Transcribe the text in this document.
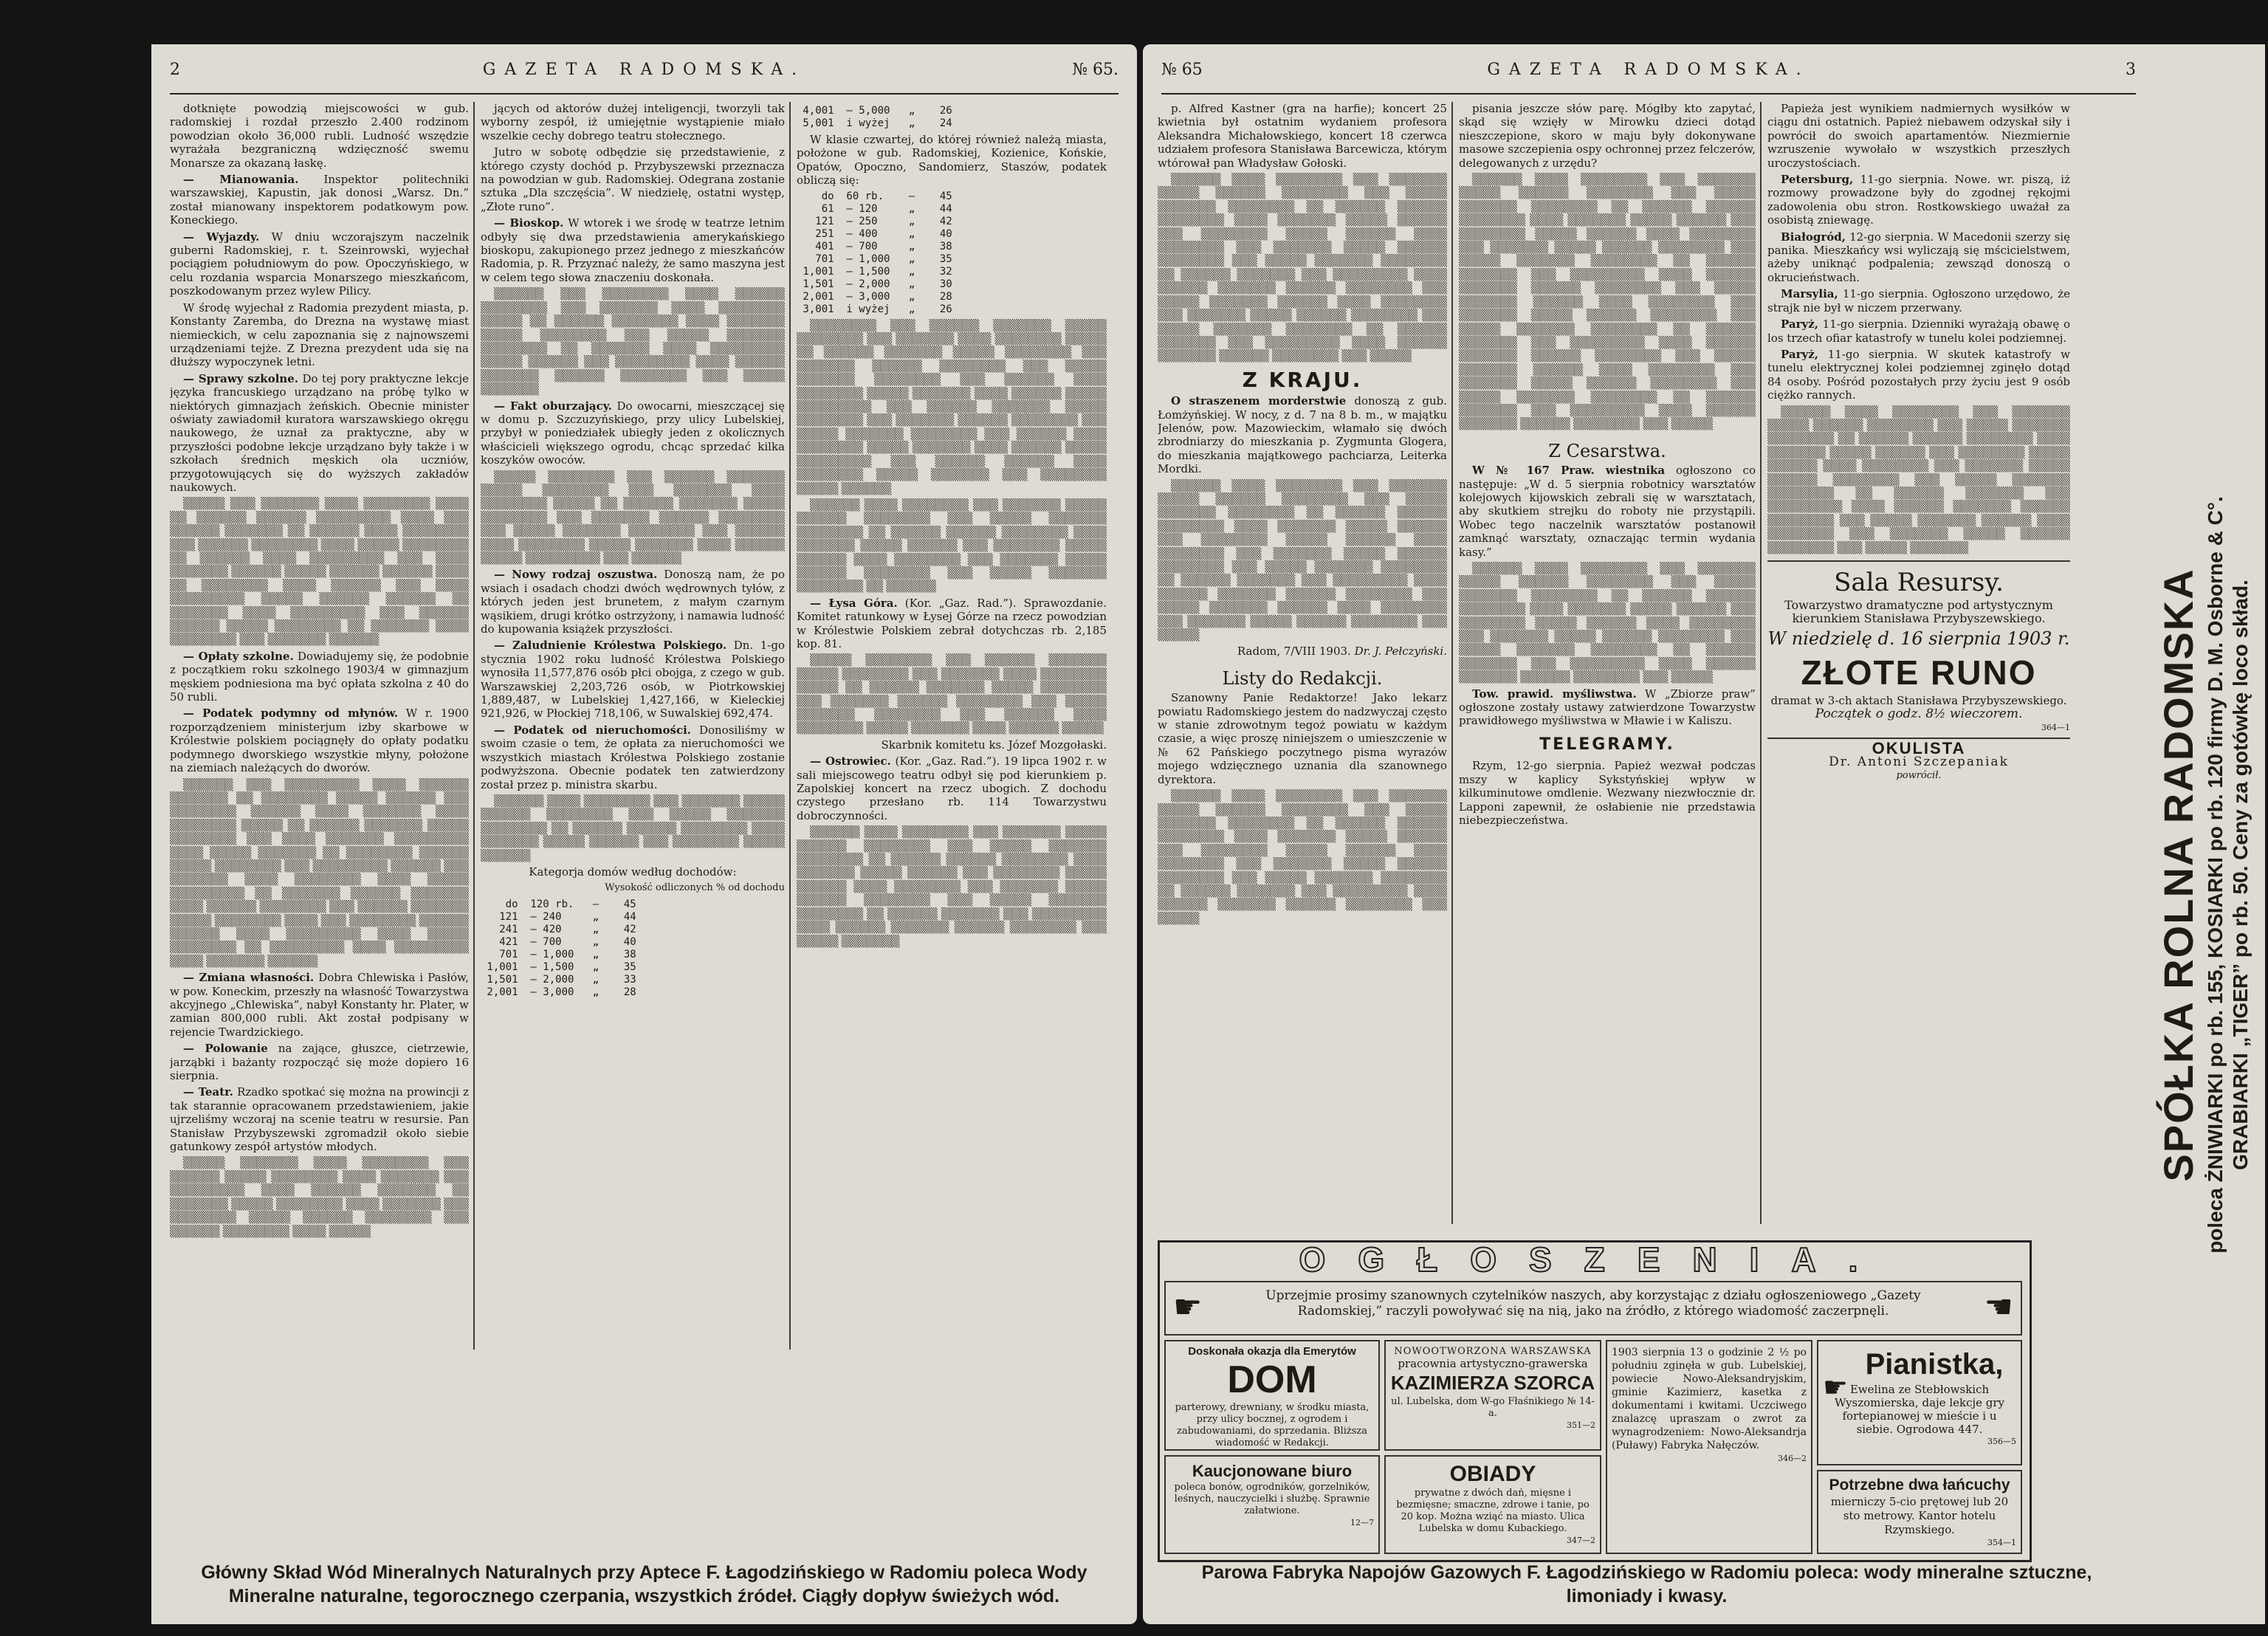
2	GAZETA RADOMSKA.	№ 65.

dotknięte powodzią miejscowości w gub. radomskiej i rozdał przeszło 2.400 rodzinom powodzian około 36,000 rubli. Ludność wszędzie wyrażała bezgraniczną wdzięczność swemu Monarsze za okazaną łaskę.

— Mianowania. Inspektor politechniki warszawskiej, Kapustin, jak donosi „Warsz. Dn.” został mianowany inspektorem podatkowym pow. Koneckiego.

— Wyjazdy. W dniu wczorajszym naczelnik guberni Radomskiej, r. t. Szeinrowski, wyjechał pociągiem południowym do pow. Opoczyńskiego, w celu rozdania wsparcia Monarszego mieszkańcom, poszkodowanym przez wylew Pilicy.

W środę wyjechał z Radomia prezydent miasta, p. Konstanty Zaremba, do Drezna na wystawę miast niemieckich, w celu zapoznania się z najnowszemi urządzeniami tejże. Z Drezna prezydent uda się na dłuższy wypoczynek letni.

— Sprawy szkolne. Do tej pory praktyczne lekcje języka francuskiego urządzano na próbę tylko w niektórych gimnazjach żeńskich. Obecnie minister oświaty zawiadomił kuratora warszawskiego okręgu naukowego, że uznał za praktyczne, aby w przyszłości podobne lekcje urządzano były także i w szkołach średnich męskich ola uczniów, przygotowujących się do wyższych zakładów naukowych.

▒▒▒▒▒ ▒▒▒ ▒▒▒▒▒▒▒ ▒▒▒▒ ▒▒▒▒▒▒▒▒ ▒▒▒▒ ▒▒ ▒▒▒▒▒▒ ▒▒▒▒▒▒ ▒▒▒▒▒▒▒▒▒ ▒▒▒▒ ▒▒▒ ▒▒▒▒▒▒ ▒▒▒▒▒▒▒ ▒▒ ▒▒▒▒▒▒ ▒▒▒▒ ▒▒▒▒▒▒▒▒ ▒▒▒ ▒▒▒▒▒▒ ▒▒▒▒▒▒▒▒ ▒▒▒▒ ▒▒▒▒▒ ▒▒▒▒▒▒▒▒ ▒▒ ▒▒▒▒▒▒ ▒▒▒▒ ▒▒▒▒▒▒▒▒▒ ▒▒▒ ▒▒▒▒ ▒▒▒▒▒▒▒ ▒▒▒▒▒▒ ▒▒▒▒▒ ▒▒▒▒▒▒ ▒▒▒▒▒▒ ▒▒▒▒ ▒▒ ▒▒▒▒▒▒▒▒ ▒▒▒▒ ▒▒▒▒▒▒ ▒▒▒ ▒▒▒▒ ▒▒▒▒▒▒▒▒▒ ▒▒▒▒▒ ▒▒▒▒▒▒ ▒▒▒▒▒▒ ▒▒ ▒▒▒▒▒▒▒ ▒▒▒▒ ▒▒▒▒▒▒▒▒▒ ▒▒▒ ▒▒▒▒▒▒ ▒▒▒▒▒▒ ▒▒▒▒▒ ▒▒▒▒▒▒▒▒ ▒▒ ▒▒▒▒▒▒▒ ▒▒▒▒ ▒▒▒▒▒▒▒▒ ▒▒▒ ▒▒▒▒▒▒▒ ▒▒▒▒▒▒

— Opłaty szkolne. Dowiadujemy się, że podobnie z początkiem roku szkolnego 1903/4 w gimnazjum męskiem podniesiona ma być opłata szkolna z 40 do 50 rubli.

— Podatek podymny od młynów. W r. 1900 rozporządzeniem ministerjum izby skarbowe w Królestwie polskiem pociągnęły do opłaty podatku podymnego dworskiego wszystkie młyny, położone na ziemiach należących do dworów.

▒▒▒▒▒▒ ▒▒▒ ▒▒▒▒▒▒▒▒▒ ▒▒▒▒ ▒▒▒▒▒▒ ▒▒▒▒▒▒▒ ▒▒ ▒▒▒▒▒▒▒▒ ▒▒▒▒▒ ▒▒▒▒▒▒ ▒▒▒ ▒▒▒▒▒▒▒▒ ▒▒▒▒▒▒ ▒▒▒▒ ▒▒▒▒▒▒▒ ▒▒▒▒ ▒▒▒▒▒▒▒▒ ▒▒▒▒▒ ▒▒ ▒▒▒▒▒▒ ▒▒▒▒▒▒▒ ▒▒▒▒▒ ▒▒▒▒▒▒▒▒ ▒▒▒ ▒▒▒▒ ▒▒▒▒▒▒▒ ▒▒▒▒▒▒▒▒▒ ▒▒▒▒ ▒▒▒▒▒ ▒▒▒▒▒▒▒ ▒▒ ▒▒▒▒▒▒▒▒ ▒▒▒▒▒▒ ▒▒▒▒▒ ▒▒▒▒▒▒▒▒ ▒▒▒ ▒▒▒▒▒▒▒▒▒ ▒▒▒▒▒▒ ▒▒▒ ▒▒▒▒▒▒▒ ▒▒▒▒ ▒▒▒▒▒▒▒▒ ▒▒▒▒ ▒▒▒▒▒ ▒▒▒▒▒▒▒▒▒ ▒▒ ▒▒▒▒▒▒▒ ▒▒▒▒▒▒ ▒▒▒▒▒▒▒ ▒▒▒▒ ▒▒▒▒▒▒ ▒▒▒▒▒▒▒▒ ▒▒▒ ▒▒▒▒▒▒ ▒▒▒▒▒▒▒ ▒▒▒▒▒ ▒▒▒▒▒▒▒▒ ▒▒▒▒ ▒▒▒ ▒▒▒▒▒▒▒▒ ▒▒▒▒▒▒ ▒▒▒▒▒▒ ▒▒▒▒ ▒▒▒▒▒▒▒▒▒ ▒▒▒▒ ▒▒▒▒▒ ▒▒▒▒▒▒▒▒ ▒▒ ▒▒▒▒▒▒▒▒▒ ▒▒▒▒ ▒▒▒▒▒▒▒▒▒ ▒▒▒▒ ▒▒▒▒▒▒▒ ▒▒▒▒▒▒

— Zmiana własności. Dobra Chlewiska i Pasłów, w pow. Koneckim, przeszły na własność Towarzystwa akcyjnego „Chlewiska”, nabył Konstanty hr. Plater, w zamian 800,000 rubli. Akt został podpisany w rejencie Twardzickiego.

— Polowanie na zające, głuszce, cietrzewie, jarząbki i bażanty rozpocząć się może dopiero 16 sierpnia.

— Teatr. Rzadko spotkać się można na prowincji z tak starannie opracowanem przedstawieniem, jakie ujrzeliśmy wczoraj na scenie teatru w resursie. Pan Stanisław Przybyszewski zgromadził około siebie gatunkowy zespół artystów młodych.

▒▒▒▒▒ ▒▒▒▒▒▒▒ ▒▒▒▒ ▒▒▒▒▒▒▒▒ ▒▒▒ ▒▒▒▒▒▒ ▒▒▒▒▒ ▒▒▒▒▒▒▒▒ ▒▒▒▒ ▒▒▒▒▒▒▒ ▒▒▒ ▒▒▒▒▒▒▒▒▒ ▒▒▒▒ ▒▒▒▒▒▒ ▒▒▒▒▒▒▒ ▒▒ ▒▒▒▒▒▒▒ ▒▒▒▒▒ ▒▒▒▒▒▒▒▒ ▒▒▒▒ ▒▒▒▒▒▒▒ ▒▒▒ ▒▒▒▒▒▒▒▒ ▒▒▒▒▒ ▒▒▒▒▒▒ ▒▒▒▒▒▒▒▒ ▒▒▒ ▒▒▒▒▒▒ ▒▒▒▒▒▒▒▒ ▒▒▒▒ ▒▒▒▒▒

jących od aktorów dużej inteligencji, tworzyli tak wyborny zespół, iż umiejętnie wystąpienie miało wszelkie cechy dobrego teatru stołecznego.

Jutro w sobotę odbędzie się przedstawienie, z którego czysty dochód p. Przybyszewski przeznacza na powodzian w gub. Radomskiej. Odegrana zostanie sztuka „Dla szczęścia”. W niedzielę, ostatni występ, „Złote runo”.

— Bioskop. W wtorek i we środę w teatrze letnim odbyły się dwa przedstawienia amerykańskiego bioskopu, zakupionego przez jednego z mieszkańców Radomia, p. R. Przyznać należy, że samo maszyna jest w celem tego słowa znaczeniu doskonała.

▒▒▒▒▒▒ ▒▒▒ ▒▒▒▒▒▒▒▒ ▒▒▒▒ ▒▒▒▒▒▒ ▒▒▒▒▒▒▒▒ ▒▒▒ ▒▒▒▒▒▒▒ ▒▒▒▒ ▒▒▒▒▒▒▒▒ ▒▒▒▒▒ ▒▒ ▒▒▒▒▒▒ ▒▒▒▒▒▒▒▒ ▒▒▒▒ ▒▒▒▒▒▒▒ ▒▒▒▒▒ ▒▒▒▒▒▒▒▒ ▒▒▒ ▒▒▒▒▒ ▒▒▒▒▒▒▒ ▒▒▒▒▒▒▒▒ ▒▒ ▒▒▒▒▒▒▒ ▒▒▒▒ ▒▒▒▒▒▒▒▒▒ ▒▒▒▒▒ ▒▒▒▒▒▒ ▒▒▒ ▒▒▒▒▒▒▒▒▒ ▒▒▒▒ ▒▒▒▒▒▒ ▒▒▒▒▒▒▒ ▒▒▒▒▒▒ ▒▒▒▒▒▒▒▒ ▒▒▒ ▒▒▒▒▒ ▒▒▒▒▒▒▒

— Fakt oburzający. Do owocarni, mieszczącej się w domu p. Szczuzyńskiego, przy ulicy Lubelskiej, przybył w poniedziałek ubiegły jeden z okolicznych właścicieli większego ogrodu, chcąc sprzedać kilka koszyków owoców.

▒▒▒▒▒ ▒▒▒▒▒▒▒▒ ▒▒▒ ▒▒▒▒▒▒ ▒▒▒▒▒▒▒ ▒▒▒▒▒ ▒▒▒▒▒▒▒▒ ▒▒▒ ▒▒▒▒▒▒▒ ▒▒▒▒ ▒▒▒▒▒▒▒▒ ▒▒▒▒▒ ▒▒ ▒▒▒▒▒▒ ▒▒▒▒▒▒▒ ▒▒▒▒▒ ▒▒▒▒▒▒▒▒ ▒▒▒ ▒▒▒▒▒▒▒ ▒▒▒▒▒▒ ▒▒▒▒▒▒▒▒ ▒▒▒ ▒▒▒▒▒ ▒▒▒▒▒▒▒ ▒▒▒▒▒▒▒▒ ▒▒▒ ▒▒▒▒▒▒ ▒▒▒▒ ▒▒▒▒▒▒▒▒ ▒▒▒▒▒ ▒▒▒▒▒▒▒ ▒▒▒▒ ▒▒▒▒▒▒ ▒▒▒▒▒ ▒▒▒▒▒▒▒▒▒ ▒▒▒ ▒▒▒▒▒▒

— Nowy rodzaj oszustwa. Donoszą nam, że po wsiach i osadach chodzi dwóch wędrownych tyłów, z których jeden jest brunetem, z małym czarnym wąsikiem, drugi krótko ostrzyżony, i namawia ludność do kupowania książek przyszłości.

— Zaludnienie Królestwa Polskiego. Dn. 1-go stycznia 1902 roku ludność Królestwa Polskiego wynosiła 11,577,876 osób płci obojga, z czego w gub. Warszawskiej 2,203,726 osób, w Piotrkowskiej 1,889,487, w Lubelskiej 1,427,166, w Kieleckiej 921,926, w Płockiej 718,106, w Suwalskiej 692,474.

— Podatek od nieruchomości. Donosiliśmy w swoim czasie o tem, że opłata za nieruchomości we wszystkich miastach Królestwa Polskiego zostanie podwyższona. Obecnie podatek ten zatwierdzony został przez p. ministra skarbu.

▒▒▒▒▒▒ ▒▒▒▒ ▒▒▒▒▒▒▒▒ ▒▒▒ ▒▒▒▒▒▒▒ ▒▒▒▒▒ ▒▒▒▒▒▒ ▒▒▒▒▒▒▒▒ ▒▒▒ ▒▒▒▒▒ ▒▒▒▒▒▒▒ ▒▒▒▒▒▒▒▒ ▒▒ ▒▒▒▒▒▒ ▒▒▒▒▒▒ ▒▒▒▒▒▒▒▒ ▒▒▒▒ ▒▒▒▒▒▒▒ ▒▒▒▒▒ ▒▒▒▒▒▒ ▒▒▒ ▒▒▒▒▒▒▒▒ ▒▒▒▒▒ ▒▒▒▒▒▒

Kategorja domów według dochodów:

Wysokość odliczonych % od dochodu

do  120 rb.   —    45
121  — 240     „    44
241  — 420     „    42
421  — 700     „    40
701  — 1,000   „    38
1,001  — 1,500   „    35
1,501  — 2,000   „    33
2,001  — 3,000   „    28
4,001  — 5,000   „    26
5,001  i wyżej   „    24

W klasie czwartej, do której również należą miasta, położone w gub. Radomskiej, Kozienice, Końskie, Opatów, Opoczno, Sandomierz, Staszów, podatek obliczą się:

do  60 rb.    —    45
61  — 120     „    44
121  — 250     „    42
251  — 400     „    40
401  — 700     „    38
701  — 1,000   „    35
1,001  — 1,500   „    32
1,501  — 2,000   „    30
2,001  — 3,000   „    28
3,001  i wyżej   „    26

▒▒▒▒▒▒▒▒ ▒▒▒ ▒▒▒▒▒▒ ▒▒▒▒▒▒▒ ▒▒▒▒▒ ▒▒▒▒▒▒▒▒ ▒▒▒ ▒▒▒▒▒▒▒ ▒▒▒▒ ▒▒▒▒▒▒▒▒ ▒▒▒▒▒ ▒▒ ▒▒▒▒▒▒ ▒▒▒▒▒▒▒ ▒▒▒▒▒ ▒▒▒▒▒▒▒▒ ▒▒▒ ▒▒▒▒▒▒▒ ▒▒▒▒▒▒ ▒▒▒▒▒▒▒▒ ▒▒▒ ▒▒▒▒▒ ▒▒▒▒▒▒▒ ▒▒▒▒▒▒▒▒ ▒▒▒ ▒▒▒▒▒▒ ▒▒▒▒ ▒▒▒▒▒▒▒▒ ▒▒▒▒▒ ▒▒▒▒▒▒▒ ▒▒▒▒ ▒▒▒▒▒▒ ▒▒▒▒▒ ▒▒▒▒▒▒▒▒▒ ▒▒▒ ▒▒▒▒▒▒ ▒▒▒▒▒▒▒ ▒▒▒▒▒ ▒▒▒▒▒▒▒▒ ▒▒▒ ▒▒▒▒▒▒▒ ▒▒▒▒▒▒ ▒▒▒▒▒▒▒▒ ▒▒▒ ▒▒▒▒▒ ▒▒▒▒▒▒▒ ▒▒▒▒▒▒▒▒ ▒▒▒ ▒▒▒▒▒▒ ▒▒▒▒ ▒▒▒▒▒▒▒▒ ▒▒▒▒▒ ▒▒▒▒▒▒▒ ▒▒▒▒ ▒▒▒▒▒▒ ▒▒▒▒▒ ▒▒▒▒▒▒▒▒▒ ▒▒▒ ▒▒▒▒▒▒ ▒▒▒▒▒▒ ▒▒▒▒ ▒▒▒▒▒▒▒▒ ▒▒▒▒▒ ▒▒▒▒▒▒▒ ▒▒▒ ▒▒▒▒▒▒▒▒ ▒▒▒▒▒ ▒▒▒▒▒▒

▒▒▒▒▒▒ ▒▒▒▒ ▒▒▒▒▒▒▒▒ ▒▒▒ ▒▒▒▒▒▒▒ ▒▒▒▒▒ ▒▒▒▒▒▒ ▒▒▒▒▒▒▒▒ ▒▒▒ ▒▒▒▒▒ ▒▒▒▒▒▒▒ ▒▒▒▒▒▒▒▒ ▒▒ ▒▒▒▒▒▒ ▒▒▒▒▒▒ ▒▒▒▒▒▒▒▒ ▒▒▒▒ ▒▒▒▒▒▒▒ ▒▒▒▒▒ ▒▒▒▒▒▒ ▒▒▒ ▒▒▒▒▒▒▒▒ ▒▒▒▒▒ ▒▒▒▒▒▒ ▒▒▒▒ ▒▒▒▒▒▒▒▒ ▒▒▒ ▒▒▒▒▒▒▒ ▒▒▒▒▒ ▒▒▒▒▒▒ ▒▒▒▒▒▒▒▒ ▒▒▒ ▒▒▒▒▒ ▒▒▒▒▒▒▒ ▒▒▒▒▒▒▒▒ ▒▒ ▒▒▒▒▒▒

— Łysa Góra. (Kor. „Gaz. Rad.”). Sprawozdanie. Komitet ratunkowy w Łysej Górze na rzecz powodzian w Królestwie Polskiem zebrał dotychczas rb. 2,185 kop. 81.

▒▒▒▒▒ ▒▒▒▒▒▒▒▒ ▒▒▒ ▒▒▒▒▒▒ ▒▒▒▒▒▒▒ ▒▒▒▒▒ ▒▒▒▒▒▒▒▒ ▒▒▒ ▒▒▒▒▒▒▒ ▒▒▒▒ ▒▒▒▒▒▒▒▒ ▒▒▒▒▒ ▒▒ ▒▒▒▒▒▒ ▒▒▒▒▒▒▒ ▒▒▒▒▒ ▒▒▒▒▒▒▒▒ ▒▒▒ ▒▒▒▒▒▒▒ ▒▒▒▒▒▒ ▒▒▒▒▒▒▒▒ ▒▒▒ ▒▒▒▒▒ ▒▒▒▒▒▒▒ ▒▒▒▒▒▒▒▒ ▒▒▒ ▒▒▒▒▒▒ ▒▒▒▒ ▒▒▒▒▒▒▒▒ ▒▒▒▒▒ ▒▒▒▒▒▒▒ ▒▒▒▒ ▒▒▒▒▒▒ ▒▒▒▒▒

Skarbnik komitetu ks. Józef Mozgołaski.

— Ostrowiec. (Kor. „Gaz. Rad.”). 19 lipca 1902 r. w sali miejscowego teatru odbył się pod kierunkiem p. Zapolskiej koncert na rzecz ubogich. Z dochodu czystego przesłano rb. 114 Towarzystwu dobroczynności.

▒▒▒▒▒▒ ▒▒▒▒ ▒▒▒▒▒▒▒▒ ▒▒▒ ▒▒▒▒▒▒▒ ▒▒▒▒▒ ▒▒▒▒▒▒ ▒▒▒▒▒▒▒▒ ▒▒▒ ▒▒▒▒▒ ▒▒▒▒▒▒▒ ▒▒▒▒▒▒▒▒ ▒▒ ▒▒▒▒▒▒ ▒▒▒▒▒▒ ▒▒▒▒▒▒▒▒ ▒▒▒▒ ▒▒▒▒▒▒▒ ▒▒▒▒▒ ▒▒▒▒▒▒ ▒▒▒ ▒▒▒▒▒▒▒▒ ▒▒▒▒▒ ▒▒▒▒▒▒ ▒▒▒▒ ▒▒▒▒▒▒▒▒ ▒▒▒ ▒▒▒▒▒▒▒ ▒▒▒▒▒ ▒▒▒▒▒▒ ▒▒▒▒▒▒▒▒ ▒▒▒ ▒▒▒▒▒ ▒▒▒▒▒▒▒ ▒▒▒▒▒▒▒▒ ▒▒ ▒▒▒▒▒▒ ▒▒▒▒▒▒▒ ▒▒▒ ▒▒▒▒▒▒▒▒▒ ▒▒▒▒ ▒▒▒▒▒▒ ▒▒▒▒▒▒▒ ▒▒▒▒▒▒ ▒▒▒▒▒▒▒▒ ▒▒▒ ▒▒▒▒▒ ▒▒▒▒▒▒▒

Główny Skład Wód Mineralnych Naturalnych przy Aptece F. Łagodzińskiego w Radomiu poleca Wody Mineralne naturalne, tegorocznego czerpania, wszystkich źródeł. Ciągły dopływ świeżych wód.
№ 65	GAZETA RADOMSKA.	3

p. Alfred Kastner (gra na harfie); koncert 25 kwietnia był ostatnim wydaniem profesora Aleksandra Michałowskiego, koncert 18 czerwca udziałem profesora Stanisława Barcewicza, którym wtórował pan Władysław Gołoski.

▒▒▒▒▒▒ ▒▒▒▒ ▒▒▒▒▒▒▒▒ ▒▒▒ ▒▒▒▒▒▒▒ ▒▒▒▒▒ ▒▒▒▒▒▒ ▒▒▒▒▒▒▒▒ ▒▒▒ ▒▒▒▒▒ ▒▒▒▒▒▒▒ ▒▒▒▒▒▒▒▒ ▒▒ ▒▒▒▒▒▒ ▒▒▒▒▒▒ ▒▒▒▒▒▒▒▒ ▒▒▒▒ ▒▒▒▒▒▒▒ ▒▒▒▒▒ ▒▒▒▒▒▒ ▒▒▒ ▒▒▒▒▒▒▒▒ ▒▒▒▒▒ ▒▒▒▒▒▒ ▒▒▒▒ ▒▒▒▒▒▒▒▒ ▒▒▒ ▒▒▒▒▒▒▒ ▒▒▒▒▒ ▒▒▒▒▒▒ ▒▒▒▒▒▒▒▒ ▒▒▒ ▒▒▒▒▒ ▒▒▒▒▒▒▒ ▒▒▒▒▒▒▒▒ ▒▒ ▒▒▒▒▒▒ ▒▒▒▒▒▒▒ ▒▒▒ ▒▒▒▒▒▒▒▒▒ ▒▒▒▒ ▒▒▒▒▒▒ ▒▒▒▒▒▒▒ ▒▒▒▒▒▒ ▒▒▒▒▒▒▒▒ ▒▒▒ ▒▒▒▒▒ ▒▒▒▒▒▒▒ ▒▒▒▒▒▒ ▒▒▒▒ ▒▒▒▒▒▒▒▒ ▒▒▒ ▒▒▒▒▒▒▒ ▒▒▒▒▒ ▒▒▒▒▒▒ ▒▒▒▒▒▒▒▒ ▒▒▒ ▒▒▒▒▒ ▒▒▒▒▒▒▒ ▒▒▒▒▒▒▒▒ ▒▒ ▒▒▒▒▒▒ ▒▒▒▒▒▒▒ ▒▒▒ ▒▒▒▒▒▒▒▒▒ ▒▒▒▒ ▒▒▒▒▒▒ ▒▒▒▒▒▒▒ ▒▒▒▒▒▒ ▒▒▒▒▒▒▒▒ ▒▒▒ ▒▒▒▒▒

Z KRAJU.

O straszenem morderstwie donoszą z gub. Łomżyńskiej. W nocy, z d. 7 na 8 b. m., w majątku Jelenów, pow. Mazowieckim, włamało się dwóch zbrodniarzy do mieszkania p. Zygmunta Glogera, do mieszkania majątkowego pachciarza, Leiterka Mordki.

▒▒▒▒▒▒ ▒▒▒▒ ▒▒▒▒▒▒▒▒ ▒▒▒ ▒▒▒▒▒▒▒ ▒▒▒▒▒ ▒▒▒▒▒▒ ▒▒▒▒▒▒▒▒ ▒▒▒ ▒▒▒▒▒ ▒▒▒▒▒▒▒ ▒▒▒▒▒▒▒▒ ▒▒ ▒▒▒▒▒▒ ▒▒▒▒▒▒ ▒▒▒▒▒▒▒▒ ▒▒▒▒ ▒▒▒▒▒▒▒ ▒▒▒▒▒ ▒▒▒▒▒▒ ▒▒▒ ▒▒▒▒▒▒▒▒ ▒▒▒▒▒ ▒▒▒▒▒▒ ▒▒▒▒ ▒▒▒▒▒▒▒▒ ▒▒▒ ▒▒▒▒▒▒▒ ▒▒▒▒▒ ▒▒▒▒▒▒ ▒▒▒▒▒▒▒▒ ▒▒▒ ▒▒▒▒▒ ▒▒▒▒▒▒▒ ▒▒▒▒▒▒▒▒ ▒▒ ▒▒▒▒▒▒ ▒▒▒▒▒▒▒ ▒▒▒ ▒▒▒▒▒▒▒▒▒ ▒▒▒▒ ▒▒▒▒▒▒ ▒▒▒▒▒▒▒ ▒▒▒▒▒▒ ▒▒▒▒▒▒▒▒ ▒▒▒ ▒▒▒▒▒ ▒▒▒▒▒▒▒ ▒▒▒▒▒▒ ▒▒▒▒ ▒▒▒▒▒▒▒▒ ▒▒▒ ▒▒▒▒▒▒▒ ▒▒▒▒▒ ▒▒▒▒▒▒ ▒▒▒▒▒▒▒▒ ▒▒▒ ▒▒▒▒▒

Radom, 7/VIII 1903. Dr. J. Pełczyński.

Listy do Redakcji.

Szanowny Panie Redaktorze! Jako lekarz powiatu Radomskiego jestem do nadzwyczaj często w stanie zdrowotnym tegoż powiatu w każdym czasie, a więc proszę niniejszem o umieszczenie w № 62 Pańskiego poczytnego pisma wyrazów mojego wdzięcznego uznania dla szanownego dyrektora.

▒▒▒▒▒▒ ▒▒▒▒ ▒▒▒▒▒▒▒▒ ▒▒▒ ▒▒▒▒▒▒▒ ▒▒▒▒▒ ▒▒▒▒▒▒ ▒▒▒▒▒▒▒▒ ▒▒▒ ▒▒▒▒▒ ▒▒▒▒▒▒▒ ▒▒▒▒▒▒▒▒ ▒▒ ▒▒▒▒▒▒ ▒▒▒▒▒▒ ▒▒▒▒▒▒▒▒ ▒▒▒▒ ▒▒▒▒▒▒▒ ▒▒▒▒▒ ▒▒▒▒▒▒ ▒▒▒ ▒▒▒▒▒▒▒▒ ▒▒▒▒▒ ▒▒▒▒▒▒ ▒▒▒▒ ▒▒▒▒▒▒▒▒ ▒▒▒ ▒▒▒▒▒▒▒ ▒▒▒▒▒ ▒▒▒▒▒▒ ▒▒▒▒▒▒▒▒ ▒▒▒ ▒▒▒▒▒ ▒▒▒▒▒▒▒ ▒▒▒▒▒▒▒▒ ▒▒ ▒▒▒▒▒▒ ▒▒▒▒▒▒▒ ▒▒▒ ▒▒▒▒▒▒▒▒▒ ▒▒▒▒ ▒▒▒▒▒▒ ▒▒▒▒▒▒▒ ▒▒▒▒▒▒ ▒▒▒▒▒▒▒▒ ▒▒▒ ▒▒▒▒▒

pisania jeszcze słów parę. Mógłby kto zapytać, skąd się wzięły w Mirowku dzieci dotąd nieszczepione, skoro w maju były dokonywane masowe szczepienia ospy ochronnej przez felczerów, delegowanych z urzędu?

▒▒▒▒▒▒ ▒▒▒▒ ▒▒▒▒▒▒▒▒ ▒▒▒ ▒▒▒▒▒▒▒ ▒▒▒▒▒ ▒▒▒▒▒▒ ▒▒▒▒▒▒▒▒ ▒▒▒ ▒▒▒▒▒ ▒▒▒▒▒▒▒ ▒▒▒▒▒▒▒▒ ▒▒ ▒▒▒▒▒▒ ▒▒▒▒▒▒ ▒▒▒▒▒▒▒▒ ▒▒▒▒ ▒▒▒▒▒▒▒ ▒▒▒▒▒ ▒▒▒▒▒▒ ▒▒▒ ▒▒▒▒▒▒▒▒ ▒▒▒▒▒ ▒▒▒▒▒▒ ▒▒▒▒ ▒▒▒▒▒▒▒▒ ▒▒▒ ▒▒▒▒▒▒▒ ▒▒▒▒▒ ▒▒▒▒▒▒ ▒▒▒▒▒▒▒▒ ▒▒▒ ▒▒▒▒▒ ▒▒▒▒▒▒▒ ▒▒▒▒▒▒▒▒ ▒▒ ▒▒▒▒▒▒ ▒▒▒▒▒▒▒ ▒▒▒ ▒▒▒▒▒▒▒▒▒ ▒▒▒▒ ▒▒▒▒▒▒ ▒▒▒▒▒▒▒ ▒▒▒▒▒▒ ▒▒▒▒▒▒▒▒ ▒▒▒ ▒▒▒▒▒ ▒▒▒▒▒▒▒ ▒▒▒▒▒▒ ▒▒▒▒ ▒▒▒▒▒▒▒▒ ▒▒▒ ▒▒▒▒▒▒▒ ▒▒▒▒▒ ▒▒▒▒▒▒ ▒▒▒▒▒▒▒▒ ▒▒▒ ▒▒▒▒▒ ▒▒▒▒▒▒▒ ▒▒▒▒▒▒▒▒ ▒▒ ▒▒▒▒▒▒ ▒▒▒▒▒▒▒ ▒▒▒ ▒▒▒▒▒▒▒▒▒ ▒▒▒▒ ▒▒▒▒▒▒ ▒▒▒▒▒▒▒ ▒▒▒▒▒▒ ▒▒▒▒▒▒▒▒ ▒▒▒ ▒▒▒▒▒ ▒▒▒▒▒▒▒ ▒▒▒▒▒▒ ▒▒▒▒ ▒▒▒▒▒▒▒▒ ▒▒▒ ▒▒▒▒▒▒▒ ▒▒▒▒▒ ▒▒▒▒▒▒ ▒▒▒▒▒▒▒▒ ▒▒▒ ▒▒▒▒▒ ▒▒▒▒▒▒▒ ▒▒▒▒▒▒▒▒ ▒▒ ▒▒▒▒▒▒ ▒▒▒▒▒▒▒ ▒▒▒ ▒▒▒▒▒▒▒▒▒ ▒▒▒▒ ▒▒▒▒▒▒ ▒▒▒▒▒▒▒ ▒▒▒▒▒▒ ▒▒▒▒▒▒▒▒ ▒▒▒ ▒▒▒▒▒

Z Cesarstwa.

W № 167 Praw. wiestnika ogłoszono co następuje: „W d. 5 sierpnia robotnicy warsztatów kolejowych kijowskich zebrali się w warsztatach, aby skutkiem strejku do roboty nie przystąpili. Wobec tego naczelnik warsztatów postanowił zamknąć warsztaty, oznaczając termin wydania kasy.”

▒▒▒▒▒▒ ▒▒▒▒ ▒▒▒▒▒▒▒▒ ▒▒▒ ▒▒▒▒▒▒▒ ▒▒▒▒▒ ▒▒▒▒▒▒ ▒▒▒▒▒▒▒▒ ▒▒▒ ▒▒▒▒▒ ▒▒▒▒▒▒▒ ▒▒▒▒▒▒▒▒ ▒▒ ▒▒▒▒▒▒ ▒▒▒▒▒▒ ▒▒▒▒▒▒▒▒ ▒▒▒▒ ▒▒▒▒▒▒▒ ▒▒▒▒▒ ▒▒▒▒▒▒ ▒▒▒ ▒▒▒▒▒▒▒▒ ▒▒▒▒▒ ▒▒▒▒▒▒ ▒▒▒▒ ▒▒▒▒▒▒▒▒ ▒▒▒ ▒▒▒▒▒▒▒ ▒▒▒▒▒ ▒▒▒▒▒▒ ▒▒▒▒▒▒▒▒ ▒▒▒ ▒▒▒▒▒ ▒▒▒▒▒▒▒ ▒▒▒▒▒▒▒▒ ▒▒ ▒▒▒▒▒▒ ▒▒▒▒▒▒▒ ▒▒▒ ▒▒▒▒▒▒▒▒▒ ▒▒▒▒ ▒▒▒▒▒▒ ▒▒▒▒▒▒▒ ▒▒▒▒▒▒ ▒▒▒▒▒▒▒▒ ▒▒▒ ▒▒▒▒▒

Tow. prawid. myśliwstwa. W „Zbiorze praw” ogłoszone zostały ustawy zatwierdzone Towarzystw prawidłowego myśliwstwa w Mławie i w Kaliszu.

TELEGRAMY.

Rzym, 12-go sierpnia. Papież wezwał podczas mszy w kaplicy Sykstyńskiej wpływ w kilkuminutowe omdlenie. Wezwany niezwłocznie dr. Lapponi zapewnił, że osłabienie nie przedstawia niebezpieczeństwa.

Papieża jest wynikiem nadmiernych wysiłków w ciągu dni ostatnich. Papież niebawem odzyskał siły i powrócił do swoich apartamentów. Niezmiernie wzruszenie wywołało w wszystkich przeszłych uroczystościach.

Petersburg, 11-go sierpnia. Nowe. wr. piszą, iż rozmowy prowadzone były do zgodnej rękojmi zadowolenia obu stron. Rostkowskiego uważał za osobistą zniewagę.

Białogród, 12-go sierpnia. W Macedonii szerzy się panika. Mieszkańcy wsi wyliczają się mścicielstwem, ażeby uniknąć podpalenia; zewsząd donoszą o okrucieństwach.

Marsylia, 11-go sierpnia. Ogłoszono urzędowo, że strajk nie był w niczem przerwany.

Paryż, 11-go sierpnia. Dzienniki wyrażają obawę o los trzech ofiar katastrofy w tunelu kolei podziemnej.

Paryż, 11-go sierpnia. W skutek katastrofy w tunelu elektrycznej kolei podziemnej zginęło dotąd 84 osoby. Pośród pozostałych przy życiu jest 9 osób ciężko rannych.

▒▒▒▒▒▒ ▒▒▒▒ ▒▒▒▒▒▒▒▒ ▒▒▒ ▒▒▒▒▒▒▒ ▒▒▒▒▒ ▒▒▒▒▒▒ ▒▒▒▒▒▒▒▒ ▒▒▒ ▒▒▒▒▒ ▒▒▒▒▒▒▒ ▒▒▒▒▒▒▒▒ ▒▒ ▒▒▒▒▒▒ ▒▒▒▒▒▒ ▒▒▒▒▒▒▒▒ ▒▒▒▒ ▒▒▒▒▒▒▒ ▒▒▒▒▒ ▒▒▒▒▒▒ ▒▒▒ ▒▒▒▒▒▒▒▒ ▒▒▒▒▒ ▒▒▒▒▒▒ ▒▒▒▒ ▒▒▒▒▒▒▒▒ ▒▒▒ ▒▒▒▒▒▒▒ ▒▒▒▒▒ ▒▒▒▒▒▒ ▒▒▒▒▒▒▒▒ ▒▒▒ ▒▒▒▒▒ ▒▒▒▒▒▒▒ ▒▒▒▒▒▒▒▒ ▒▒ ▒▒▒▒▒▒ ▒▒▒▒▒▒▒ ▒▒▒ ▒▒▒▒▒▒▒▒▒ ▒▒▒▒ ▒▒▒▒▒▒ ▒▒▒▒▒▒▒ ▒▒▒▒▒▒ ▒▒▒▒▒▒▒▒ ▒▒▒ ▒▒▒▒▒ ▒▒▒▒▒▒▒ ▒▒▒▒▒▒ ▒▒▒▒ ▒▒▒▒▒▒▒▒ ▒▒▒ ▒▒▒▒▒▒▒ ▒▒▒▒▒ ▒▒▒▒▒▒ ▒▒▒▒▒▒▒▒ ▒▒▒ ▒▒▒▒▒ ▒▒▒▒▒▒▒

Sala Resursy.
Towarzystwo dramatyczne pod artystycznym kierunkiem Stanisława Przybyszewskiego.
W niedzielę d. 16 sierpnia 1903 r.
ZŁOTE RUNO
dramat w 3-ch aktach Stanisława Przybyszewskiego.
Początek o godz. 8½ wieczorem.
364—1
OKULISTA
Dr. Antoni Szczepaniak
powrócił.
OGŁOSZENIA.
☛	Uprzejmie prosimy szanownych czytelników naszych, aby korzystając z działu ogłoszeniowego „Gazety Radomskiej,” raczyli powoływać się na nią, jako na źródło, z którego wiadomość zaczerpnęli.	☚
Doskonała okazja dla Emerytów
DOM
parterowy, drewniany, w środku miasta, przy ulicy bocznej, z ogrodem i zabudowaniami, do sprzedania. Bliższa wiadomość w Redakcji.
Kaucjonowane biuro
poleca bonów, ogrodników, gorzelników, leśnych, nauczycielki i służbę. Sprawnie załatwione.
12—7
NOWOOTWORZONA WARSZAWSKA
pracownia artystyczno-grawerska
KAZIMIERZA SZORCA
ul. Lubelska, dom W-go Fłaśnikiego № 14-a.
351—2
OBIADY
prywatne z dwóch dań, mięsne i bezmięsne; smaczne, zdrowe i tanie, po 20 kop. Można wziąć na miasto. Ulica Lubelska w domu Kubackiego.
347—2
1903 sierpnia 13 o godzinie 2 ½ po południu zginęła w gub. Lubelskiej, powiecie Nowo-Aleksandryjskim, gminie Kazimierz, kasetka z dokumentami i kwitami. Uczciwego znalazcę upraszam o zwrot za wynagrodzeniem: Nowo-Aleksandrja (Puławy) Fabryka Nałęczów.
346—2
☛
Pianistka,
Ewelina ze Stebłowskich Wyszomierska, daje lekcje gry fortepianowej w mieście i u siebie. Ogrodowa 447.
356—5
Potrzebne dwa łańcuchy
mierniczy 5-cio prętowej lub 20 sto metrowy. Kantor hotelu Rzymskiego.
354—1
SPÓŁKA ROLNA RADOMSKA poleca ŻNIWIARKI po rb. 155, KOSIARKI po rb. 120 firmy D. M. Osborne & C°. GRABIARKI „TIGER” po rb. 50. Ceny za gotówkę loco skład.
Parowa Fabryka Napojów Gazowych F. Łagodzińskiego w Radomiu poleca: wody mineralne sztuczne, limoniady i kwasy.
